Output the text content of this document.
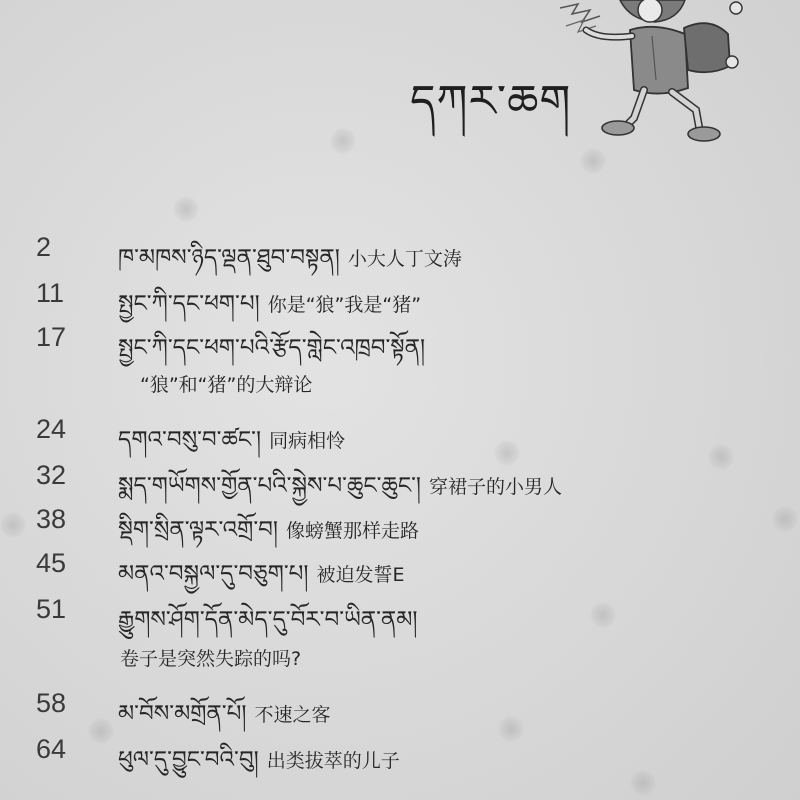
དཀར་ཆག
2	ཁ་མཁས་ཉིད་ལྡན་ཐུབ་བསྟན། 小大人丁文涛
11	སྤྱང་ཀི་དང་ཕག་པ། 你是“狼”我是“猪”
17	སྤྱང་ཀི་དང་ཕག་པའི་རྩོད་གླེང་འཁྲབ་སྟོན།
“狼”和“猪”的大辩论
24	དགའ་བསུ་བ་ཚང་། 同病相怜
32	སྨད་གཡོགས་གྱོན་པའི་སྐྱེས་པ་ཆུང་ཆུང་། 穿裙子的小男人
38	སྡིག་སྲིན་ལྟར་འགྲོ་བ། 像螃蟹那样走路
45	མནའ་བསྐྱལ་དུ་བཅུག་པ། 被迫发誓E
51	རྒྱུགས་ཤོག་དོན་མེད་དུ་བོར་བ་ཡིན་ནམ།
卷子是突然失踪的吗?
58	མ་བོས་མགྲོན་པོ། 不速之客
64	ཕུལ་དུ་བྱུང་བའི་བུ། 出类拔萃的儿子
